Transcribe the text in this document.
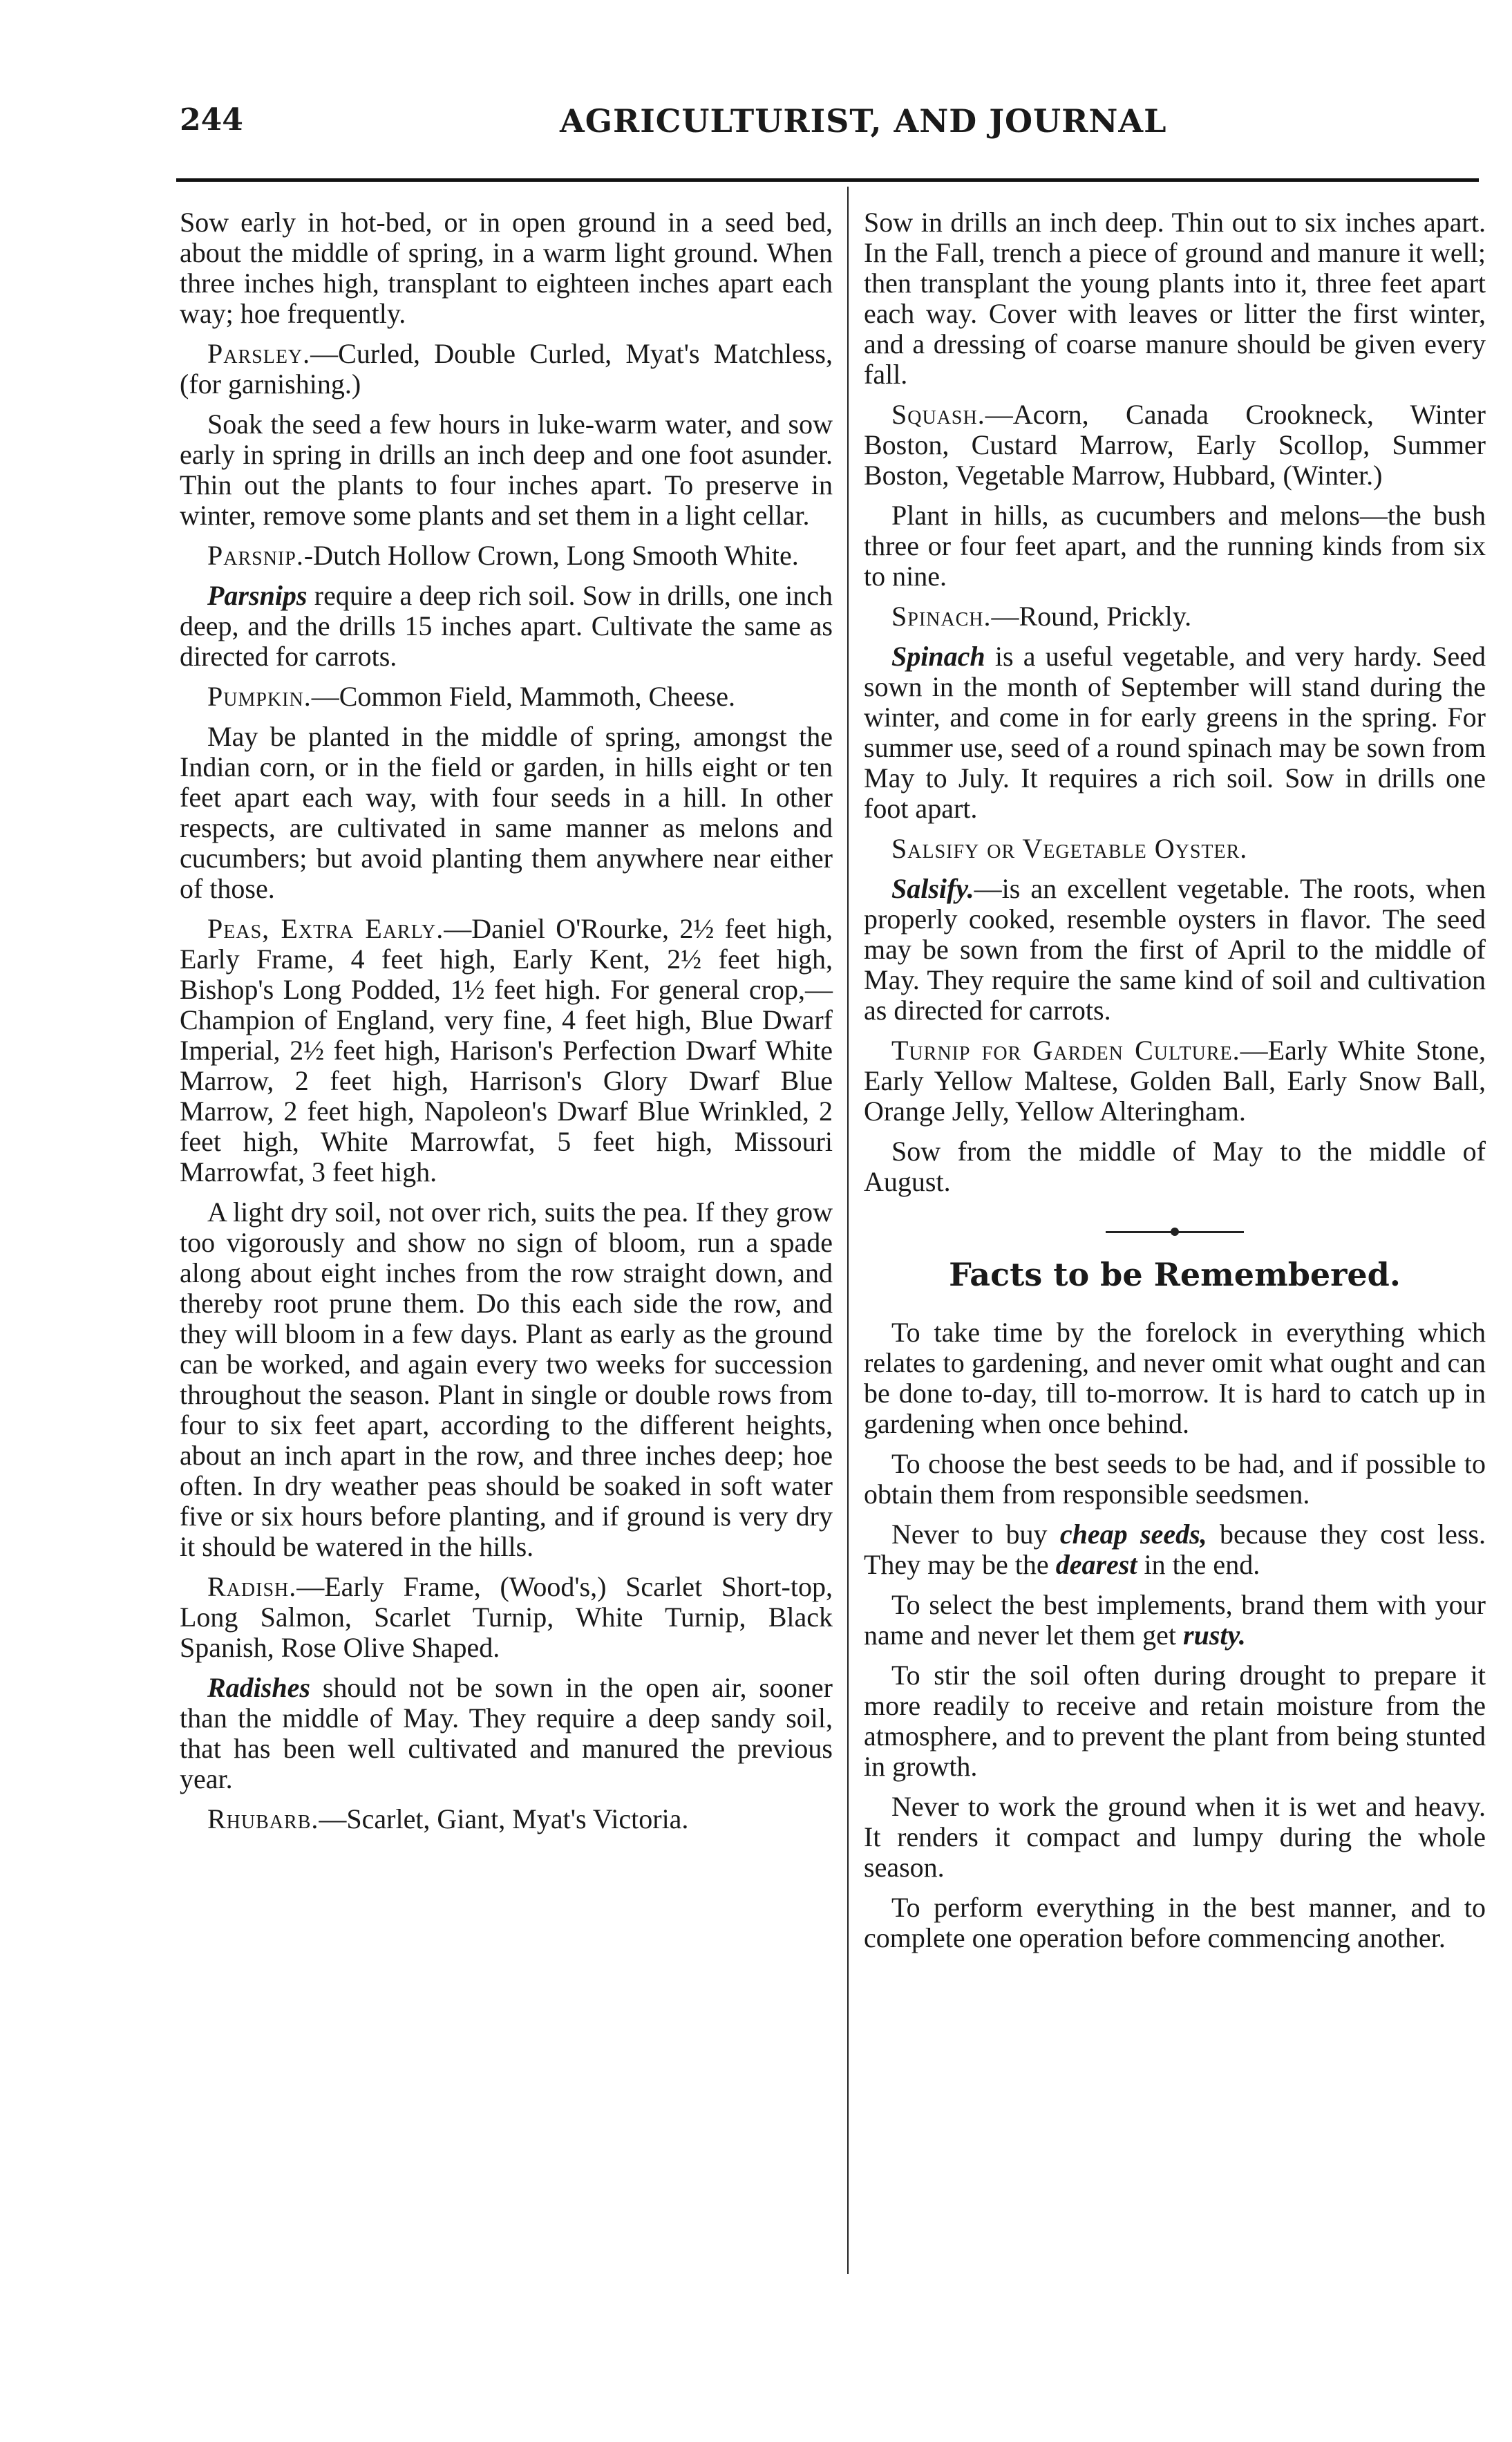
244	AGRICULTURIST, AND JOURNAL

Sow early in hot-bed, or in open ground in a seed bed, about the middle of spring, in a warm light ground. When three inches high, transplant to eighteen inches apart each way; hoe frequently.

Parsley.—Curled, Double Curled, Myat's Matchless, (for garnishing.)

Soak the seed a few hours in luke-warm water, and sow early in spring in drills an inch deep and one foot asunder. Thin out the plants to four inches apart. To preserve in winter, remove some plants and set them in a light cellar.

Parsnip.-Dutch Hollow Crown, Long Smooth White.

Parsnips require a deep rich soil. Sow in drills, one inch deep, and the drills 15 inches apart. Cultivate the same as directed for carrots.

Pumpkin.—Common Field, Mammoth, Cheese.

May be planted in the middle of spring, amongst the Indian corn, or in the field or garden, in hills eight or ten feet apart each way, with four seeds in a hill. In other respects, are cultivated in same manner as melons and cucumbers; but avoid planting them anywhere near either of those.

Peas, Extra Early.—Daniel O'Rourke, 2½ feet high, Early Frame, 4 feet high, Early Kent, 2½ feet high, Bishop's Long Podded, 1½ feet high. For general crop,—Champion of England, very fine, 4 feet high, Blue Dwarf Imperial, 2½ feet high, Harison's Perfection Dwarf White Marrow, 2 feet high, Harrison's Glory Dwarf Blue Marrow, 2 feet high, Napoleon's Dwarf Blue Wrinkled, 2 feet high, White Marrowfat, 5 feet high, Missouri Marrowfat, 3 feet high.

A light dry soil, not over rich, suits the pea. If they grow too vigorously and show no sign of bloom, run a spade along about eight inches from the row straight down, and thereby root prune them. Do this each side the row, and they will bloom in a few days. Plant as early as the ground can be worked, and again every two weeks for succession throughout the season. Plant in single or double rows from four to six feet apart, according to the different heights, about an inch apart in the row, and three inches deep; hoe often. In dry weather peas should be soaked in soft water five or six hours before planting, and if ground is very dry it should be watered in the hills.

Radish.—Early Frame, (Wood's,) Scarlet Short-top, Long Salmon, Scarlet Turnip, White Turnip, Black Spanish, Rose Olive Shaped.

Radishes should not be sown in the open air, sooner than the middle of May. They require a deep sandy soil, that has been well cultivated and manured the previous year.

Rhubarb.—Scarlet, Giant, Myat's Victoria.

Sow in drills an inch deep. Thin out to six inches apart. In the Fall, trench a piece of ground and manure it well; then transplant the young plants into it, three feet apart each way. Cover with leaves or litter the first winter, and a dressing of coarse manure should be given every fall.

Squash.—Acorn, Canada Crookneck, Winter Boston, Custard Marrow, Early Scollop, Summer Boston, Vegetable Marrow, Hubbard, (Winter.)

Plant in hills, as cucumbers and melons—the bush three or four feet apart, and the running kinds from six to nine.

Spinach.—Round, Prickly.

Spinach is a useful vegetable, and very hardy. Seed sown in the month of September will stand during the winter, and come in for early greens in the spring. For summer use, seed of a round spinach may be sown from May to July. It requires a rich soil. Sow in drills one foot apart.

Salsify or Vegetable Oyster.

Salsify.—is an excellent vegetable. The roots, when properly cooked, resemble oysters in flavor. The seed may be sown from the first of April to the middle of May. They require the same kind of soil and cultivation as directed for carrots.

Turnip for Garden Culture.—Early White Stone, Early Yellow Maltese, Golden Ball, Early Snow Ball, Orange Jelly, Yellow Alteringham.

Sow from the middle of May to the middle of August.

Facts to be Remembered.

To take time by the forelock in everything which relates to gardening, and never omit what ought and can be done to-day, till to-morrow. It is hard to catch up in gardening when once behind.

To choose the best seeds to be had, and if possible to obtain them from responsible seedsmen.

Never to buy cheap seeds, because they cost less. They may be the dearest in the end.

To select the best implements, brand them with your name and never let them get rusty.

To stir the soil often during drought to prepare it more readily to receive and retain moisture from the atmosphere, and to prevent the plant from being stunted in growth.

Never to work the ground when it is wet and heavy. It renders it compact and lumpy during the whole season.

To perform everything in the best manner, and to complete one operation before commencing another.
